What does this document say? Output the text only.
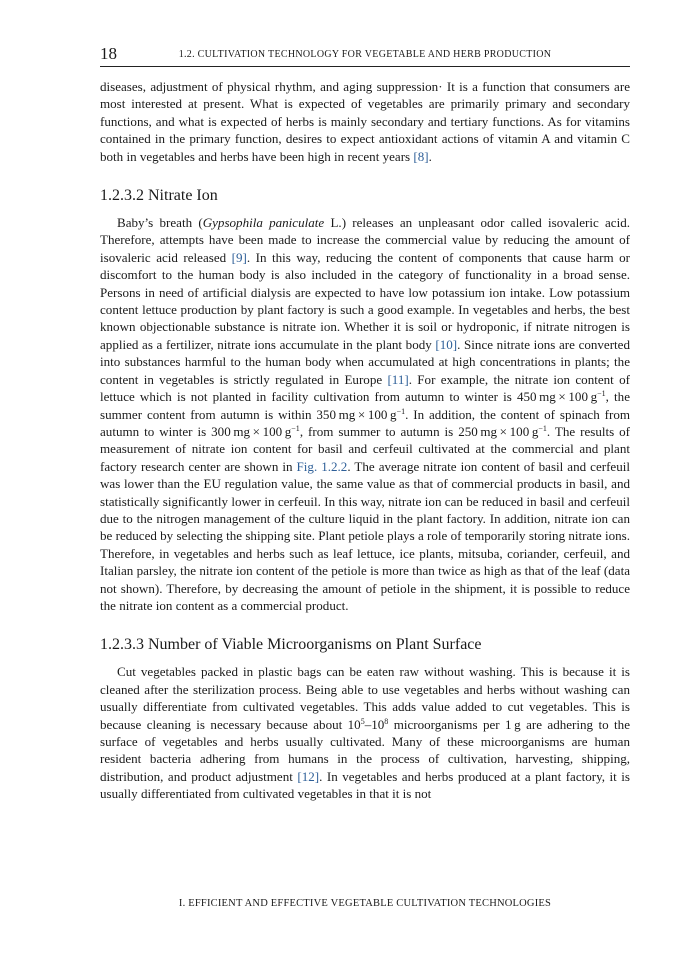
18	1.2. CULTIVATION TECHNOLOGY FOR VEGETABLE AND HERB PRODUCTION

diseases, adjustment of physical rhythm, and aging suppression· It is a function that consumers are most interested at present. What is expected of vegetables are primarily primary and secondary functions, and what is expected of herbs is mainly secondary and tertiary functions. As for vitamins contained in the primary function, desires to expect antioxidant actions of vitamin A and vitamin C both in vegetables and herbs have been high in recent years [8].

1.2.3.2 Nitrate Ion

Baby’s breath (Gypsophila paniculate L.) releases an unpleasant odor called isovaleric acid. Therefore, attempts have been made to increase the commercial value by reducing the amount of isovaleric acid released [9]. In this way, reducing the content of components that cause harm or discomfort to the human body is also included in the category of functionality in a broad sense. Persons in need of artificial dialysis are expected to have low potassium ion intake. Low potassium content lettuce production by plant factory is such a good example. In vegetables and herbs, the best known objectionable substance is nitrate ion. Whether it is soil or hydroponic, if nitrate nitrogen is applied as a fertilizer, nitrate ions accumulate in the plant body [10]. Since nitrate ions are converted into substances harmful to the human body when accumulated at high concentrations in plants; the content in vegetables is strictly regulated in Europe [11]. For example, the nitrate ion content of lettuce which is not planted in facility cultivation from autumn to winter is 450 mg × 100 $g^{-1}$, the summer content from autumn is within 350 mg × 100 $g^{-1}$. In addition, the content of spinach from autumn to winter is 300 mg × 100 $g^{-1}$, from summer to autumn is 250 mg × 100 $g^{-1}$. The results of measurement of nitrate ion content for basil and cerfeuil cultivated at the commercial and plant factory research center are shown in Fig. 1.2.2. The average nitrate ion content of basil and cerfeuil was lower than the EU regulation value, the same value as that of commercial products in basil, and statistically significantly lower in cerfeuil. In this way, nitrate ion can be reduced in basil and cerfeuil due to the nitrogen management of the culture liquid in the plant factory. In addition, nitrate ion can be reduced by selecting the shipping site. Plant petiole plays a role of temporarily storing nitrate ions. Therefore, in vegetables and herbs such as leaf lettuce, ice plants, mitsuba, coriander, cerfeuil, and Italian parsley, the nitrate ion content of the petiole is more than twice as high as that of the leaf (data not shown). Therefore, by decreasing the amount of petiole in the shipment, it is possible to reduce the nitrate ion content as a commercial product.

1.2.3.3 Number of Viable Microorganisms on Plant Surface

Cut vegetables packed in plastic bags can be eaten raw without washing. This is because it is cleaned after the sterilization process. Being able to use vegetables and herbs without washing can usually differentiate from cultivated vegetables. This adds value added to cut vegetables. This is because cleaning is necessary because about $10^5-10^8$ microorganisms per 1 g are adhering to the surface of vegetables and herbs usually cultivated. Many of these microorganisms are human resident bacteria adhering from humans in the process of cultivation, harvesting, shipping, distribution, and product adjustment [12]. In vegetables and herbs produced at a plant factory, it is usually differentiated from cultivated vegetables in that it is not

I. EFFICIENT AND EFFECTIVE VEGETABLE CULTIVATION TECHNOLOGIES
